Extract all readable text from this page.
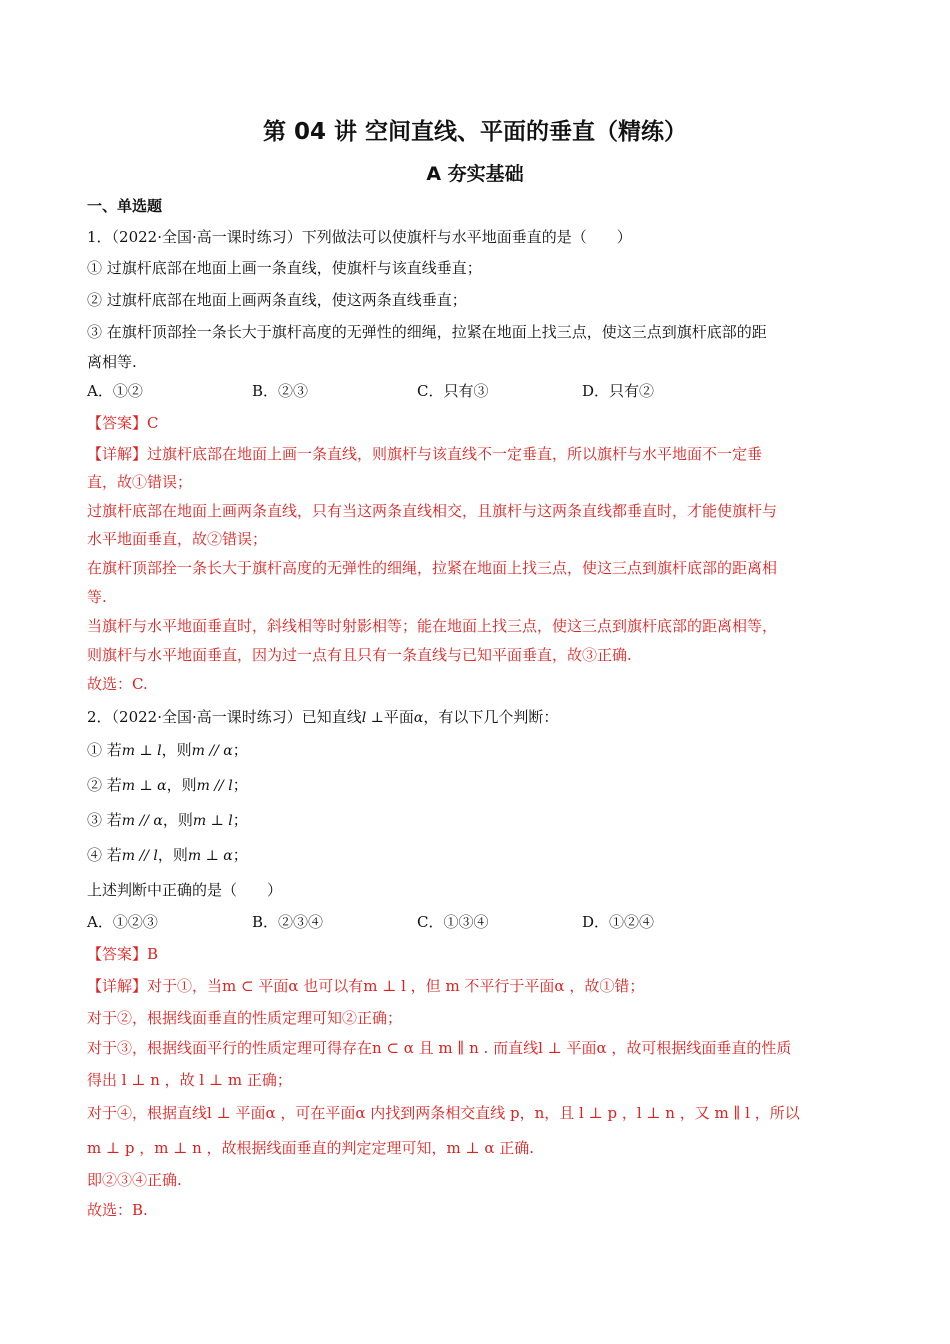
第 04 讲 空间直线、平面的垂直（精练）
A 夯实基础
一、单选题
1．（2022·全国·高一课时练习）下列做法可以使旗杆与水平地面垂直的是（　　）
① 过旗杆底部在地面上画一条直线，使旗杆与该直线垂直；
② 过旗杆底部在地面上画两条直线，使这两条直线垂直；
③ 在旗杆顶部拴一条长大于旗杆高度的无弹性的细绳，拉紧在地面上找三点，使这三点到旗杆底部的距
离相等.
A．①②	B．②③	C．只有③	D．只有②
【答案】C
【详解】过旗杆底部在地面上画一条直线，则旗杆与该直线不一定垂直，所以旗杆与水平地面不一定垂
直，故①错误；
过旗杆底部在地面上画两条直线，只有当这两条直线相交，且旗杆与这两条直线都垂直时，才能使旗杆与
水平地面垂直，故②错误；
在旗杆顶部拴一条长大于旗杆高度的无弹性的细绳，拉紧在地面上找三点，使这三点到旗杆底部的距离相
等.
当旗杆与水平地面垂直时，斜线相等时射影相等；能在地面上找三点，使这三点到旗杆底部的距离相等，
则旗杆与水平地面垂直，因为过一点有且只有一条直线与已知平面垂直，故③正确.
故选：C.
2．（2022·全国·高一课时练习）已知直线l ⊥平面α，有以下几个判断：
① 若m ⊥ l，则m // α；
② 若m ⊥ α，则m // l；
③ 若m // α，则m ⊥ l；
④ 若m // l，则m ⊥ α；
上述判断中正确的是（　　）
A．①②③	B．②③④	C．①③④	D．①②④
【答案】B
【详解】对于①，当m ⊂ 平面α 也可以有m ⊥ l ，但 m 不平行于平面α ，故①错；
对于②，根据线面垂直的性质定理可知②正确；
对于③，根据线面平行的性质定理可得存在n ⊂ α 且 m ∥ n . 而直线l ⊥ 平面α ，故可根据线面垂直的性质
得出 l ⊥ n ，故 l ⊥ m 正确；
对于④，根据直线l ⊥ 平面α ，可在平面α 内找到两条相交直线 p，n，且 l ⊥ p ，l ⊥ n ，又 m ∥ l ，所以
m ⊥ p ，m ⊥ n ，故根据线面垂直的判定定理可知，m ⊥ α 正确.
即②③④正确.
故选：B.
